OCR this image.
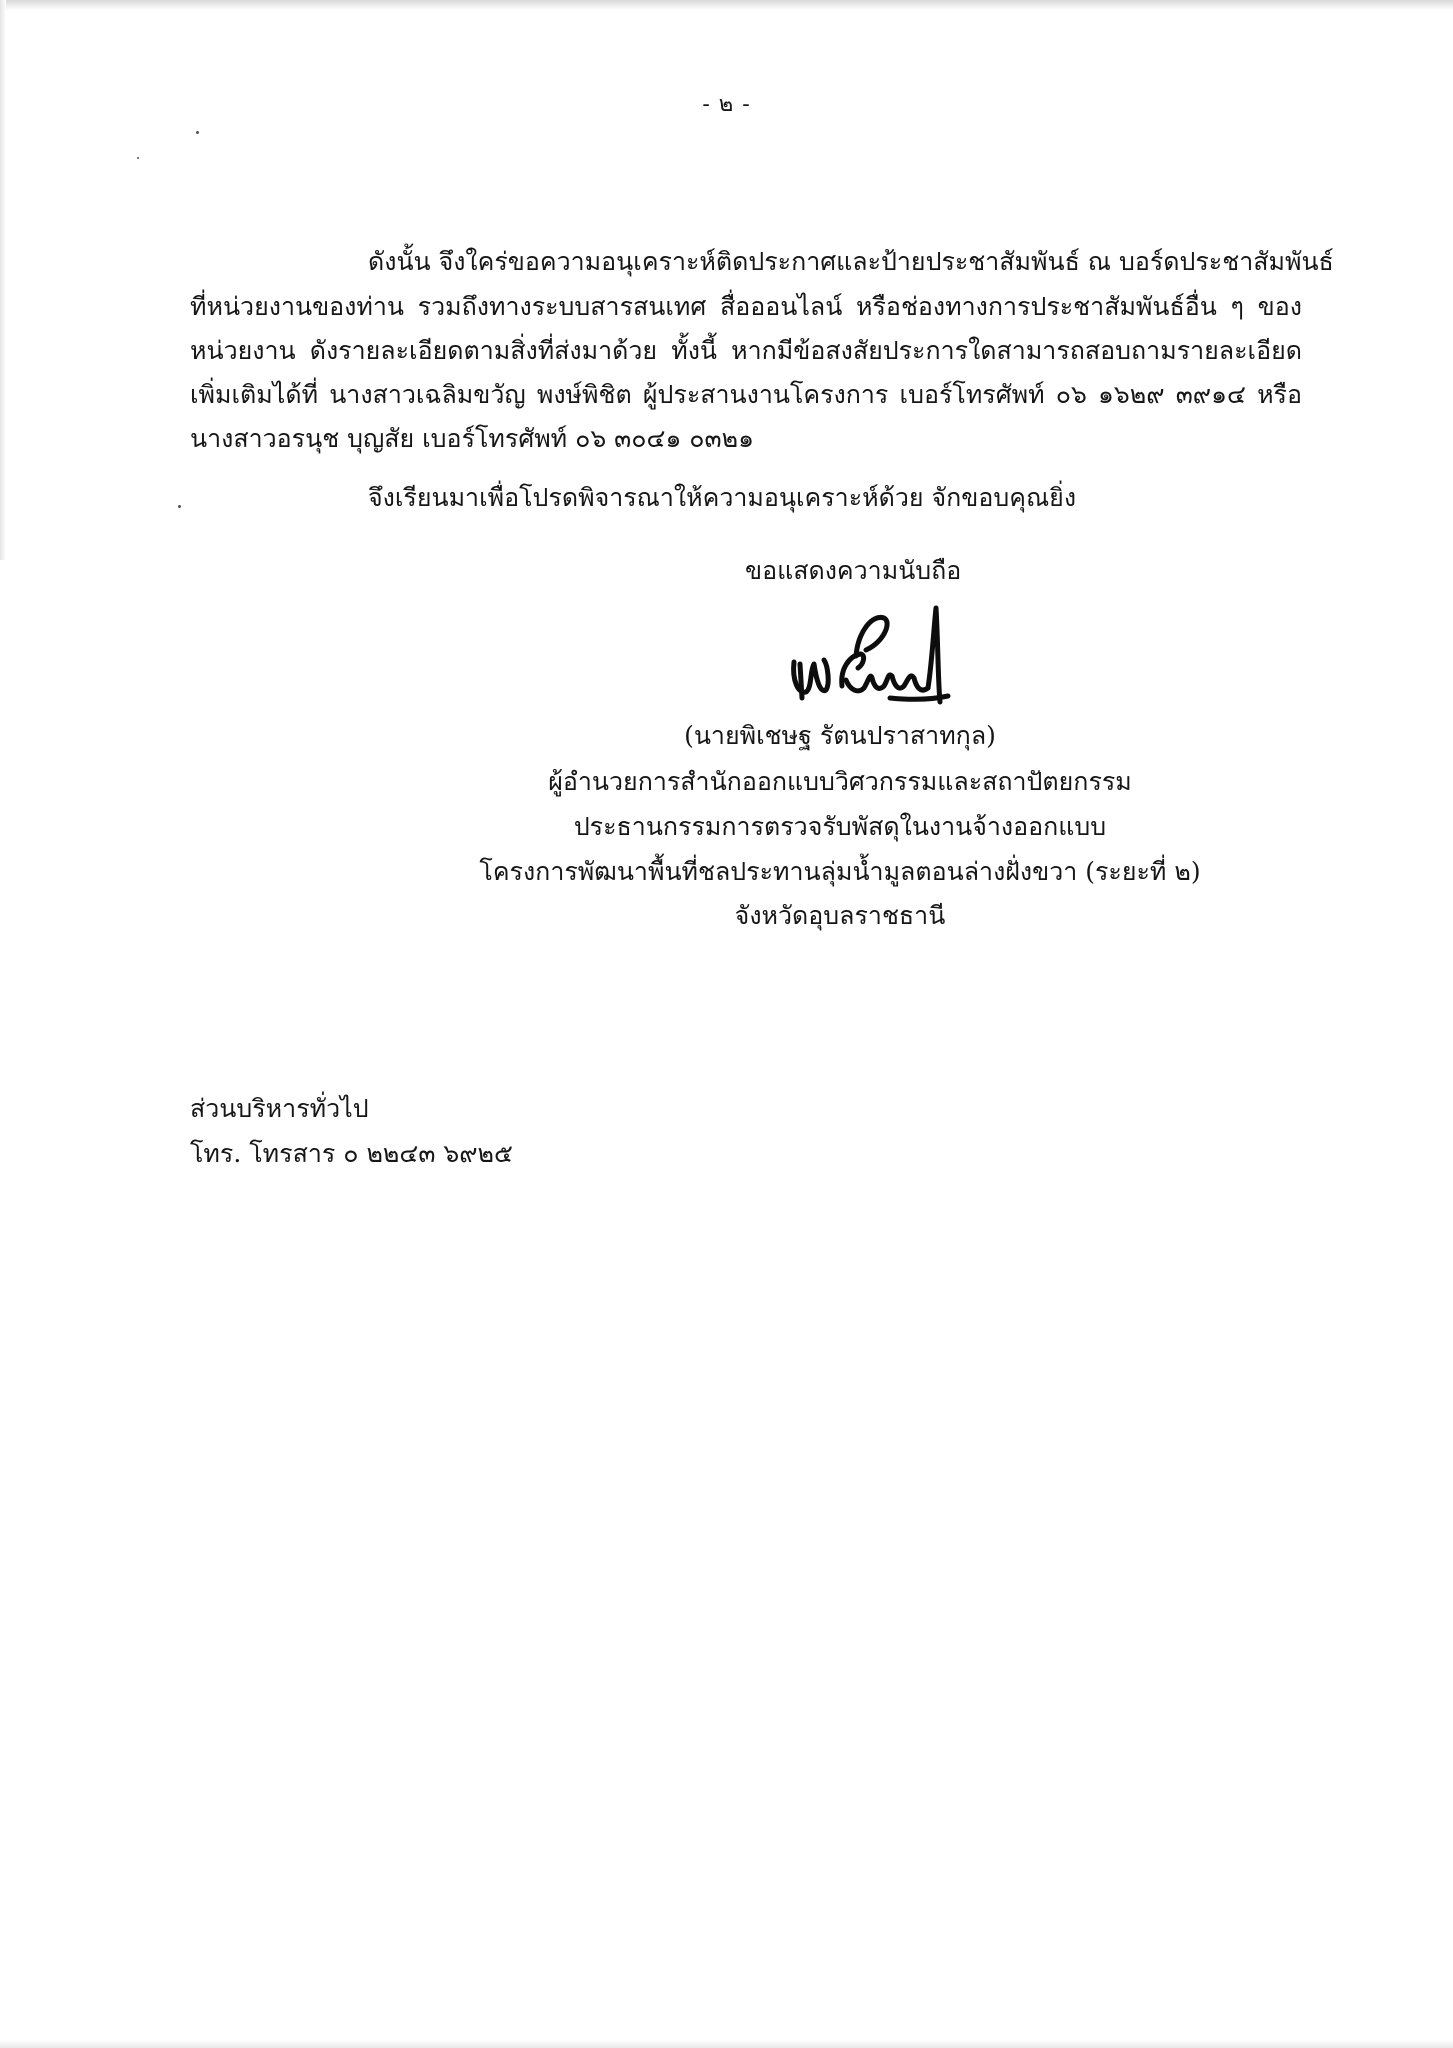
- ๒ -
ดังนั้น จึงใคร่ขอความอนุเคราะห์ติดประกาศและป้ายประชาสัมพันธ์ ณ บอร์ดประชาสัมพันธ์
ที่หน่วยงานของท่าน รวมถึงทางระบบสารสนเทศ สื่อออนไลน์ หรือช่องทางการประชาสัมพันธ์อื่น ๆ ของ
หน่วยงาน ดังรายละเอียดตามสิ่งที่ส่งมาด้วย ทั้งนี้ หากมีข้อสงสัยประการใดสามารถสอบถามรายละเอียด
เพิ่มเติมได้ที่ นางสาวเฉลิมขวัญ พงษ์พิชิต ผู้ประสานงานโครงการ เบอร์โทรศัพท์ ๐๖ ๑๖๒๙ ๓๙๑๔ หรือ
นางสาวอรนุช บุญสัย เบอร์โทรศัพท์ ๐๖ ๓๐๔๑ ๐๓๒๑
จึงเรียนมาเพื่อโปรดพิจารณาให้ความอนุเคราะห์ด้วย จักขอบคุณยิ่ง
ขอแสดงความนับถือ
(นายพิเชษฐ รัตนปราสาทกุล)
ผู้อำนวยการสำนักออกแบบวิศวกรรมและสถาปัตยกรรม
ประธานกรรมการตรวจรับพัสดุในงานจ้างออกแบบ
โครงการพัฒนาพื้นที่ชลประทานลุ่มน้ำมูลตอนล่างฝั่งขวา (ระยะที่ ๒)
จังหวัดอุบลราชธานี
ส่วนบริหารทั่วไป
โทร. โทรสาร ๐ ๒๒๔๓ ๖๙๒๕
